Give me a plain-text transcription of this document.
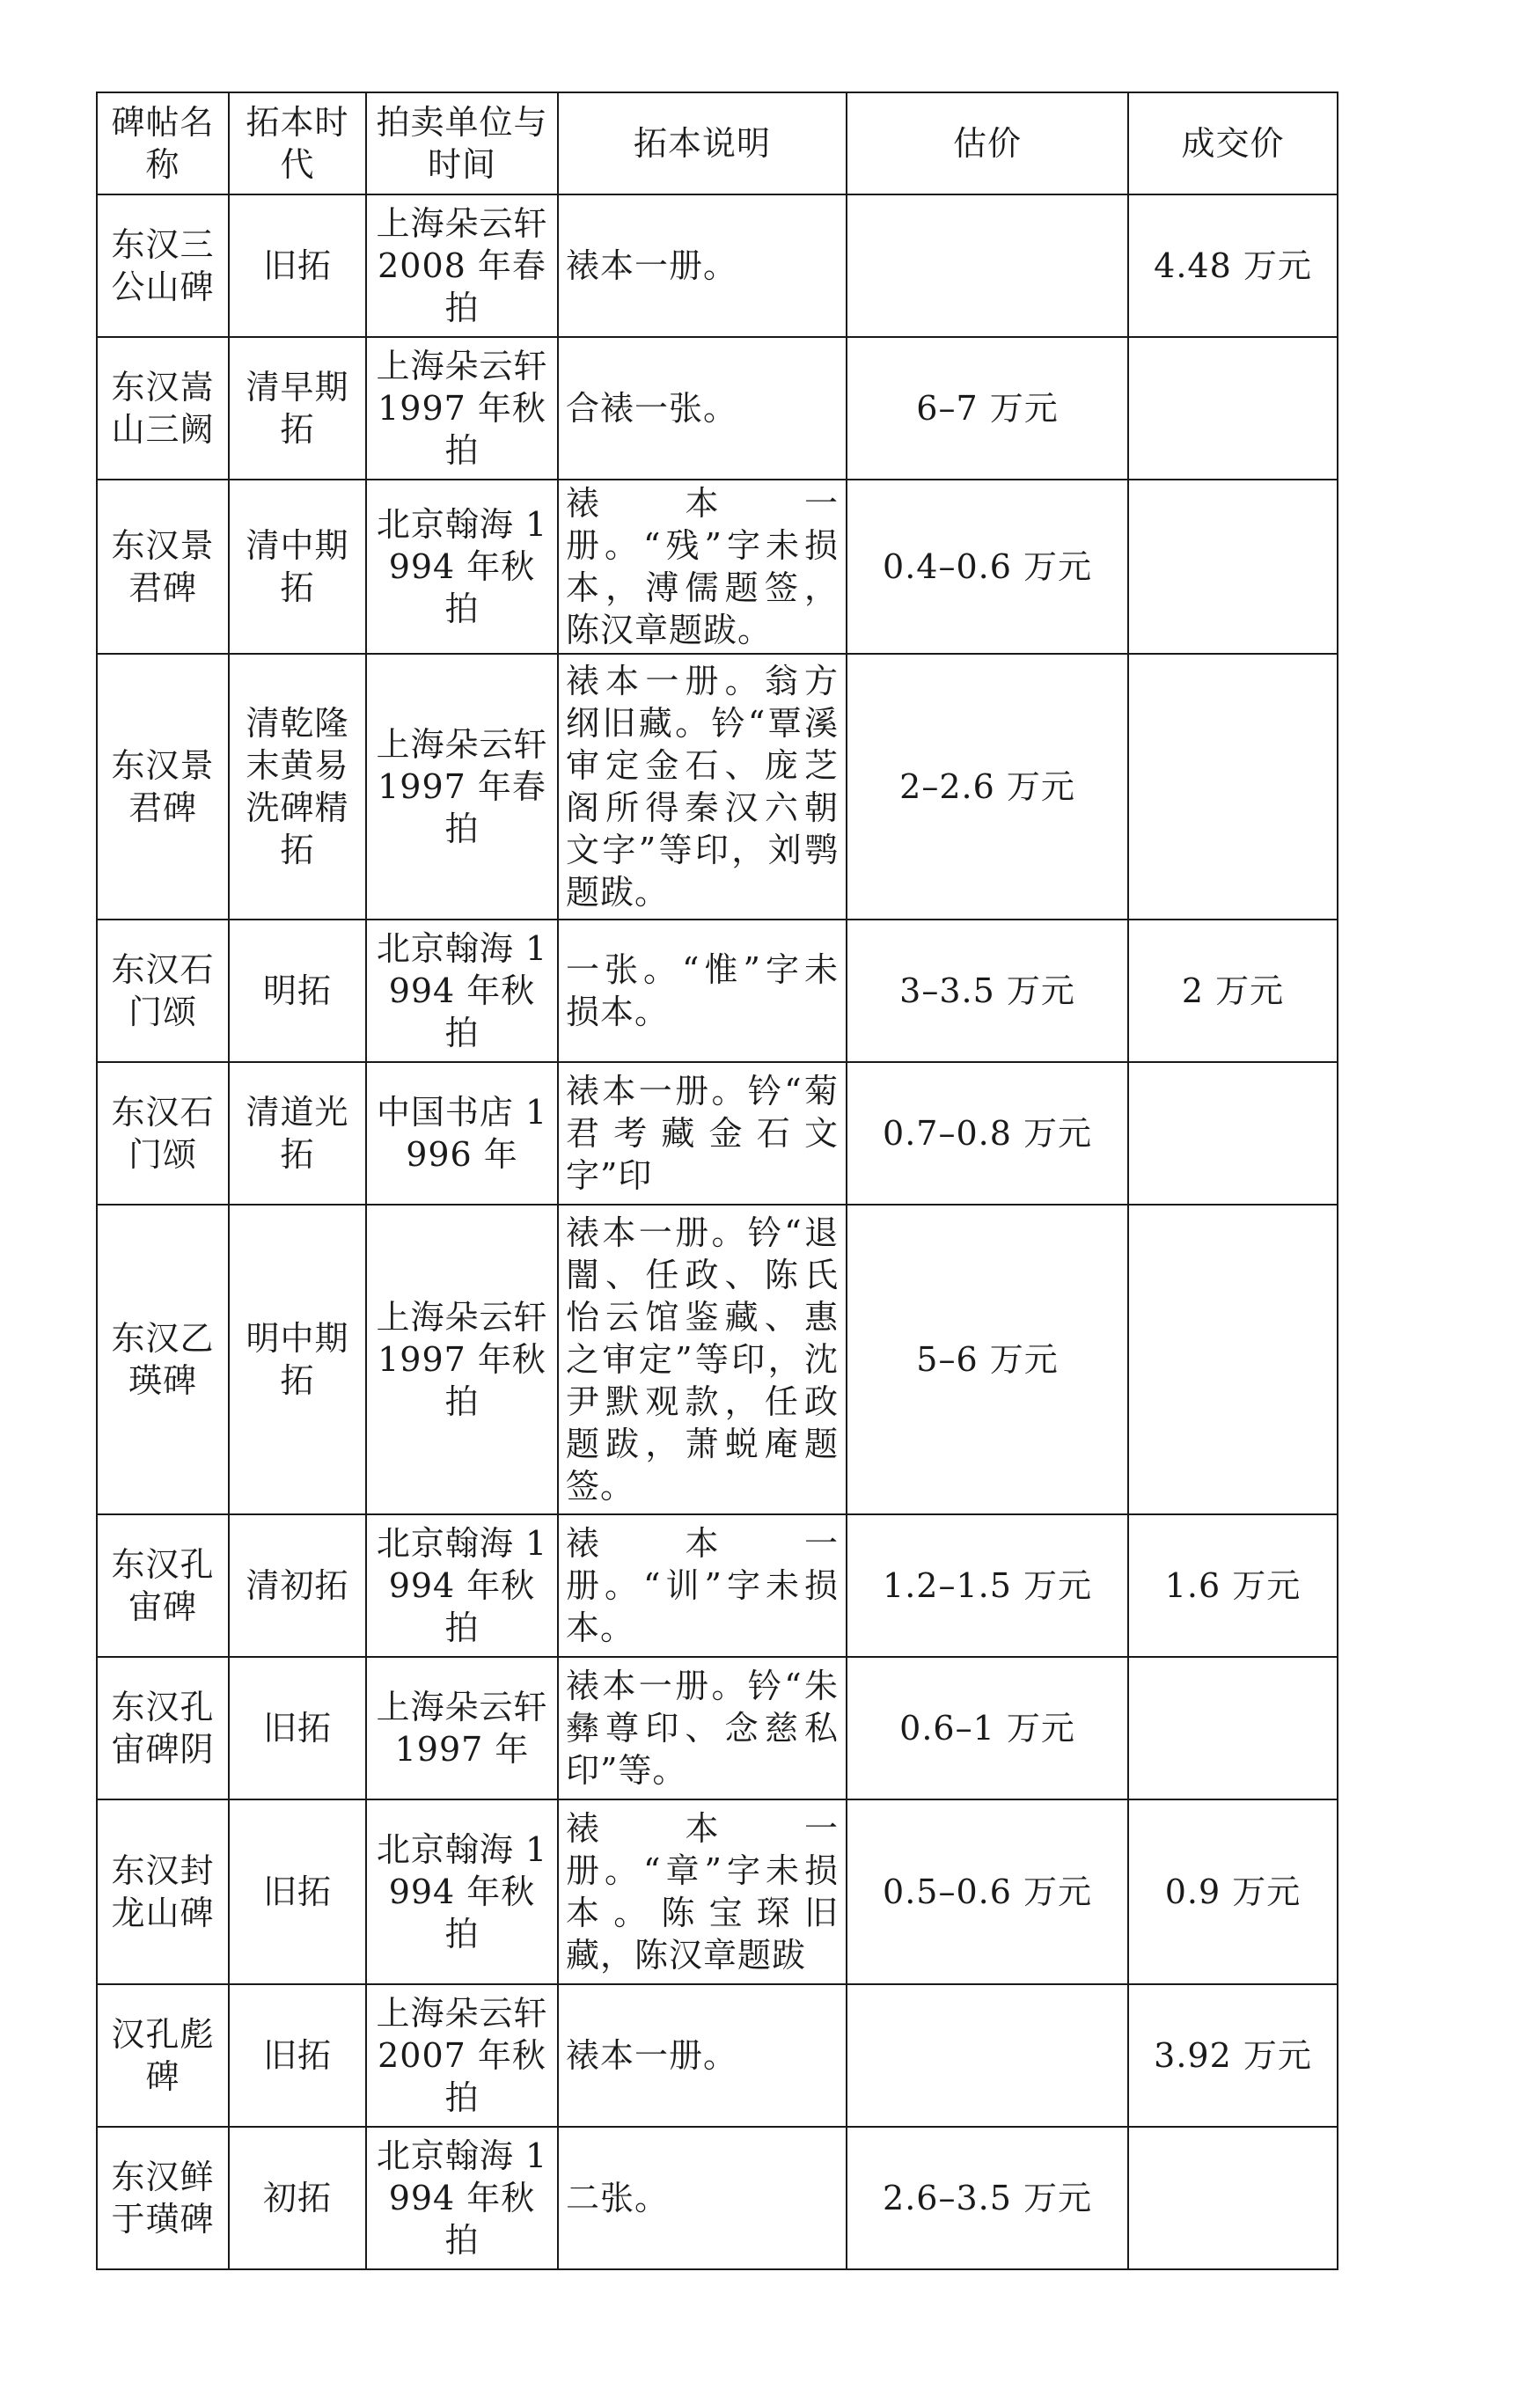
碑帖名称	拓本时代	拍卖单位与时间	拓本说明	估价	成交价
东汉三公山碑	旧拓	上海朵云轩 2008 年春拍	裱本一册。		4.48 万元
东汉嵩山三阙	清早期拓	上海朵云轩 1997 年秋拍	合裱一张。	6–7 万元	
东汉景君碑	清中期拓	北京翰海 1994 年秋拍	裱本一册。“残”字未损本，溥儒题签，陈汉章题跋。	0.4–0.6 万元	
东汉景君碑	清乾隆末黄易洗碑精拓	上海朵云轩 1997 年春拍	裱本一册。翁方纲旧藏。钤“覃溪审定金石、庞芝阁所得秦汉六朝文字”等印，刘鹗题跋。	2–2.6 万元	
东汉石门颂	明拓	北京翰海 1994 年秋拍	一张。“惟”字未损本。	3–3.5 万元	2 万元
东汉石门颂	清道光拓	中国书店 1996 年	裱本一册。钤“菊君考藏金石文字”印	0.7–0.8 万元	
东汉乙瑛碑	明中期拓	上海朵云轩 1997 年秋拍	裱本一册。钤“退闇、任政、陈氏怡云馆鉴藏、惠之审定”等印，沈尹默观款，任政题跋，萧蜕庵题签。	5–6 万元	
东汉孔宙碑	清初拓	北京翰海 1994 年秋拍	裱本一册。“训”字未损本。	1.2–1.5 万元	1.6 万元
东汉孔宙碑阴	旧拓	上海朵云轩 1997 年	裱本一册。钤“朱彝尊印、念慈私印”等。	0.6–1 万元	
东汉封龙山碑	旧拓	北京翰海 1994 年秋拍	裱本一册。“章”字未损本。陈宝琛旧藏，陈汉章题跋	0.5–0.6 万元	0.9 万元
汉孔彪碑	旧拓	上海朵云轩 2007 年秋拍	裱本一册。		3.92 万元
东汉鲜于璜碑	初拓	北京翰海 1994 年秋拍	二张。	2.6–3.5 万元	
